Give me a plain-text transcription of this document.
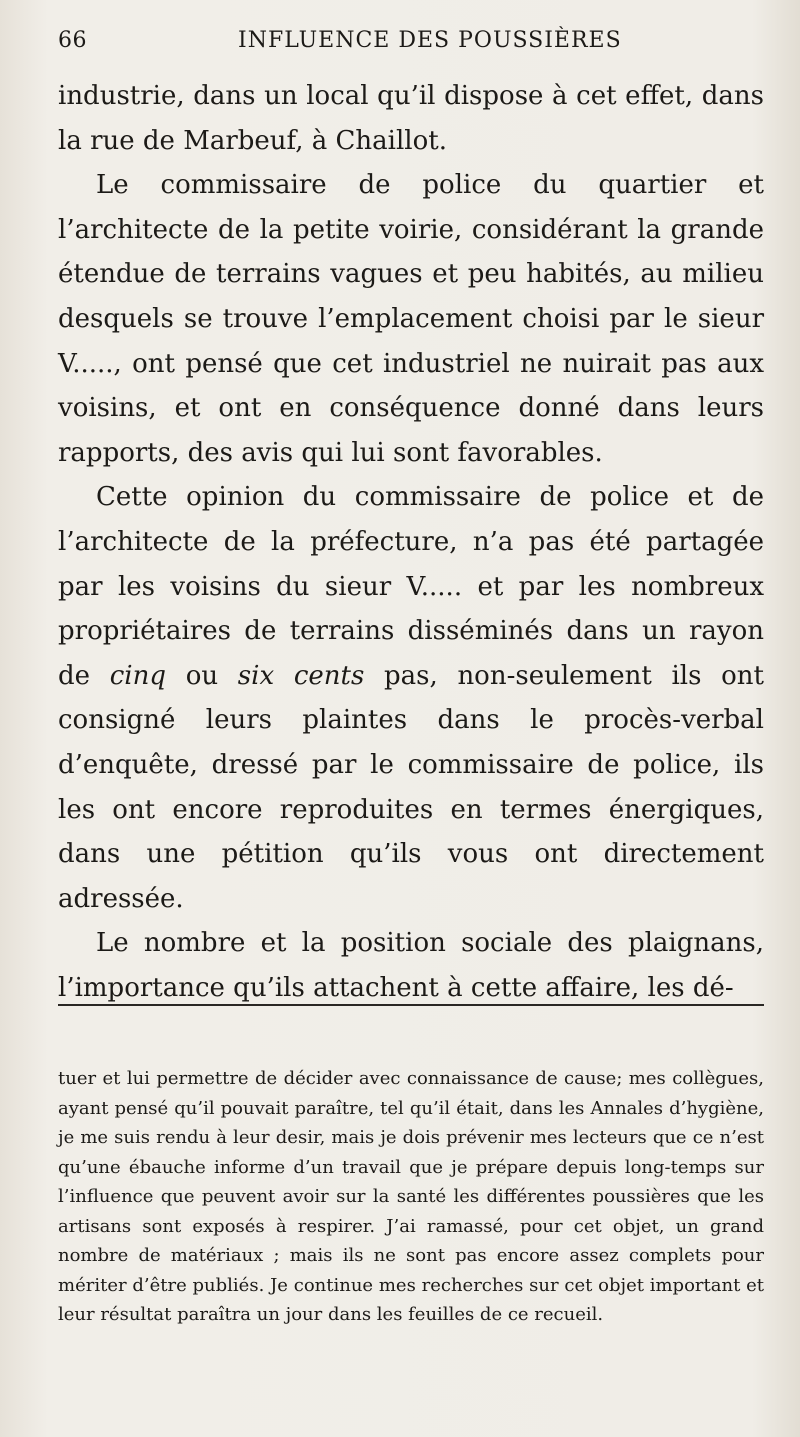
66	INFLUENCE DES POUSSIÈRES

industrie, dans un local qu’il dispose à cet effet, dans la rue de Marbeuf, à Chaillot.

Le commissaire de police du quartier et l’architecte de la petite voirie, considérant la grande étendue de terrains vagues et peu habités, au milieu desquels se trouve l’emplacement choisi par le sieur V....., ont pensé que cet industriel ne nuirait pas aux voisins, et ont en conséquence donné dans leurs rapports, des avis qui lui sont favorables.

Cette opinion du commissaire de police et de l’architecte de la préfecture, n’a pas été partagée par les voisins du sieur V..... et par les nombreux propriétaires de terrains disséminés dans un rayon de cinq ou six cents pas, non-seulement ils ont consigné leurs plaintes dans le procès-verbal d’enquête, dressé par le commissaire de police, ils les ont encore reproduites en termes énergiques, dans une pétition qu’ils vous ont directement adressée.

Le nombre et la position sociale des plaignans, l’importance qu’ils attachent à cette affaire, les dé-

tuer et lui permettre de décider avec connaissance de cause; mes collègues, ayant pensé qu’il pouvait paraître, tel qu’il était, dans les Annales d’hygiène, je me suis rendu à leur desir, mais je dois prévenir mes lecteurs que ce n’est qu’une ébauche informe d’un travail que je prépare depuis long-temps sur l’influence que peuvent avoir sur la santé les différentes poussières que les artisans sont exposés à respirer. J’ai ramassé, pour cet objet, un grand nombre de matériaux ; mais ils ne sont pas encore assez complets pour mériter d’être publiés. Je continue mes recherches sur cet objet important et leur résultat paraîtra un jour dans les feuilles de ce recueil.
